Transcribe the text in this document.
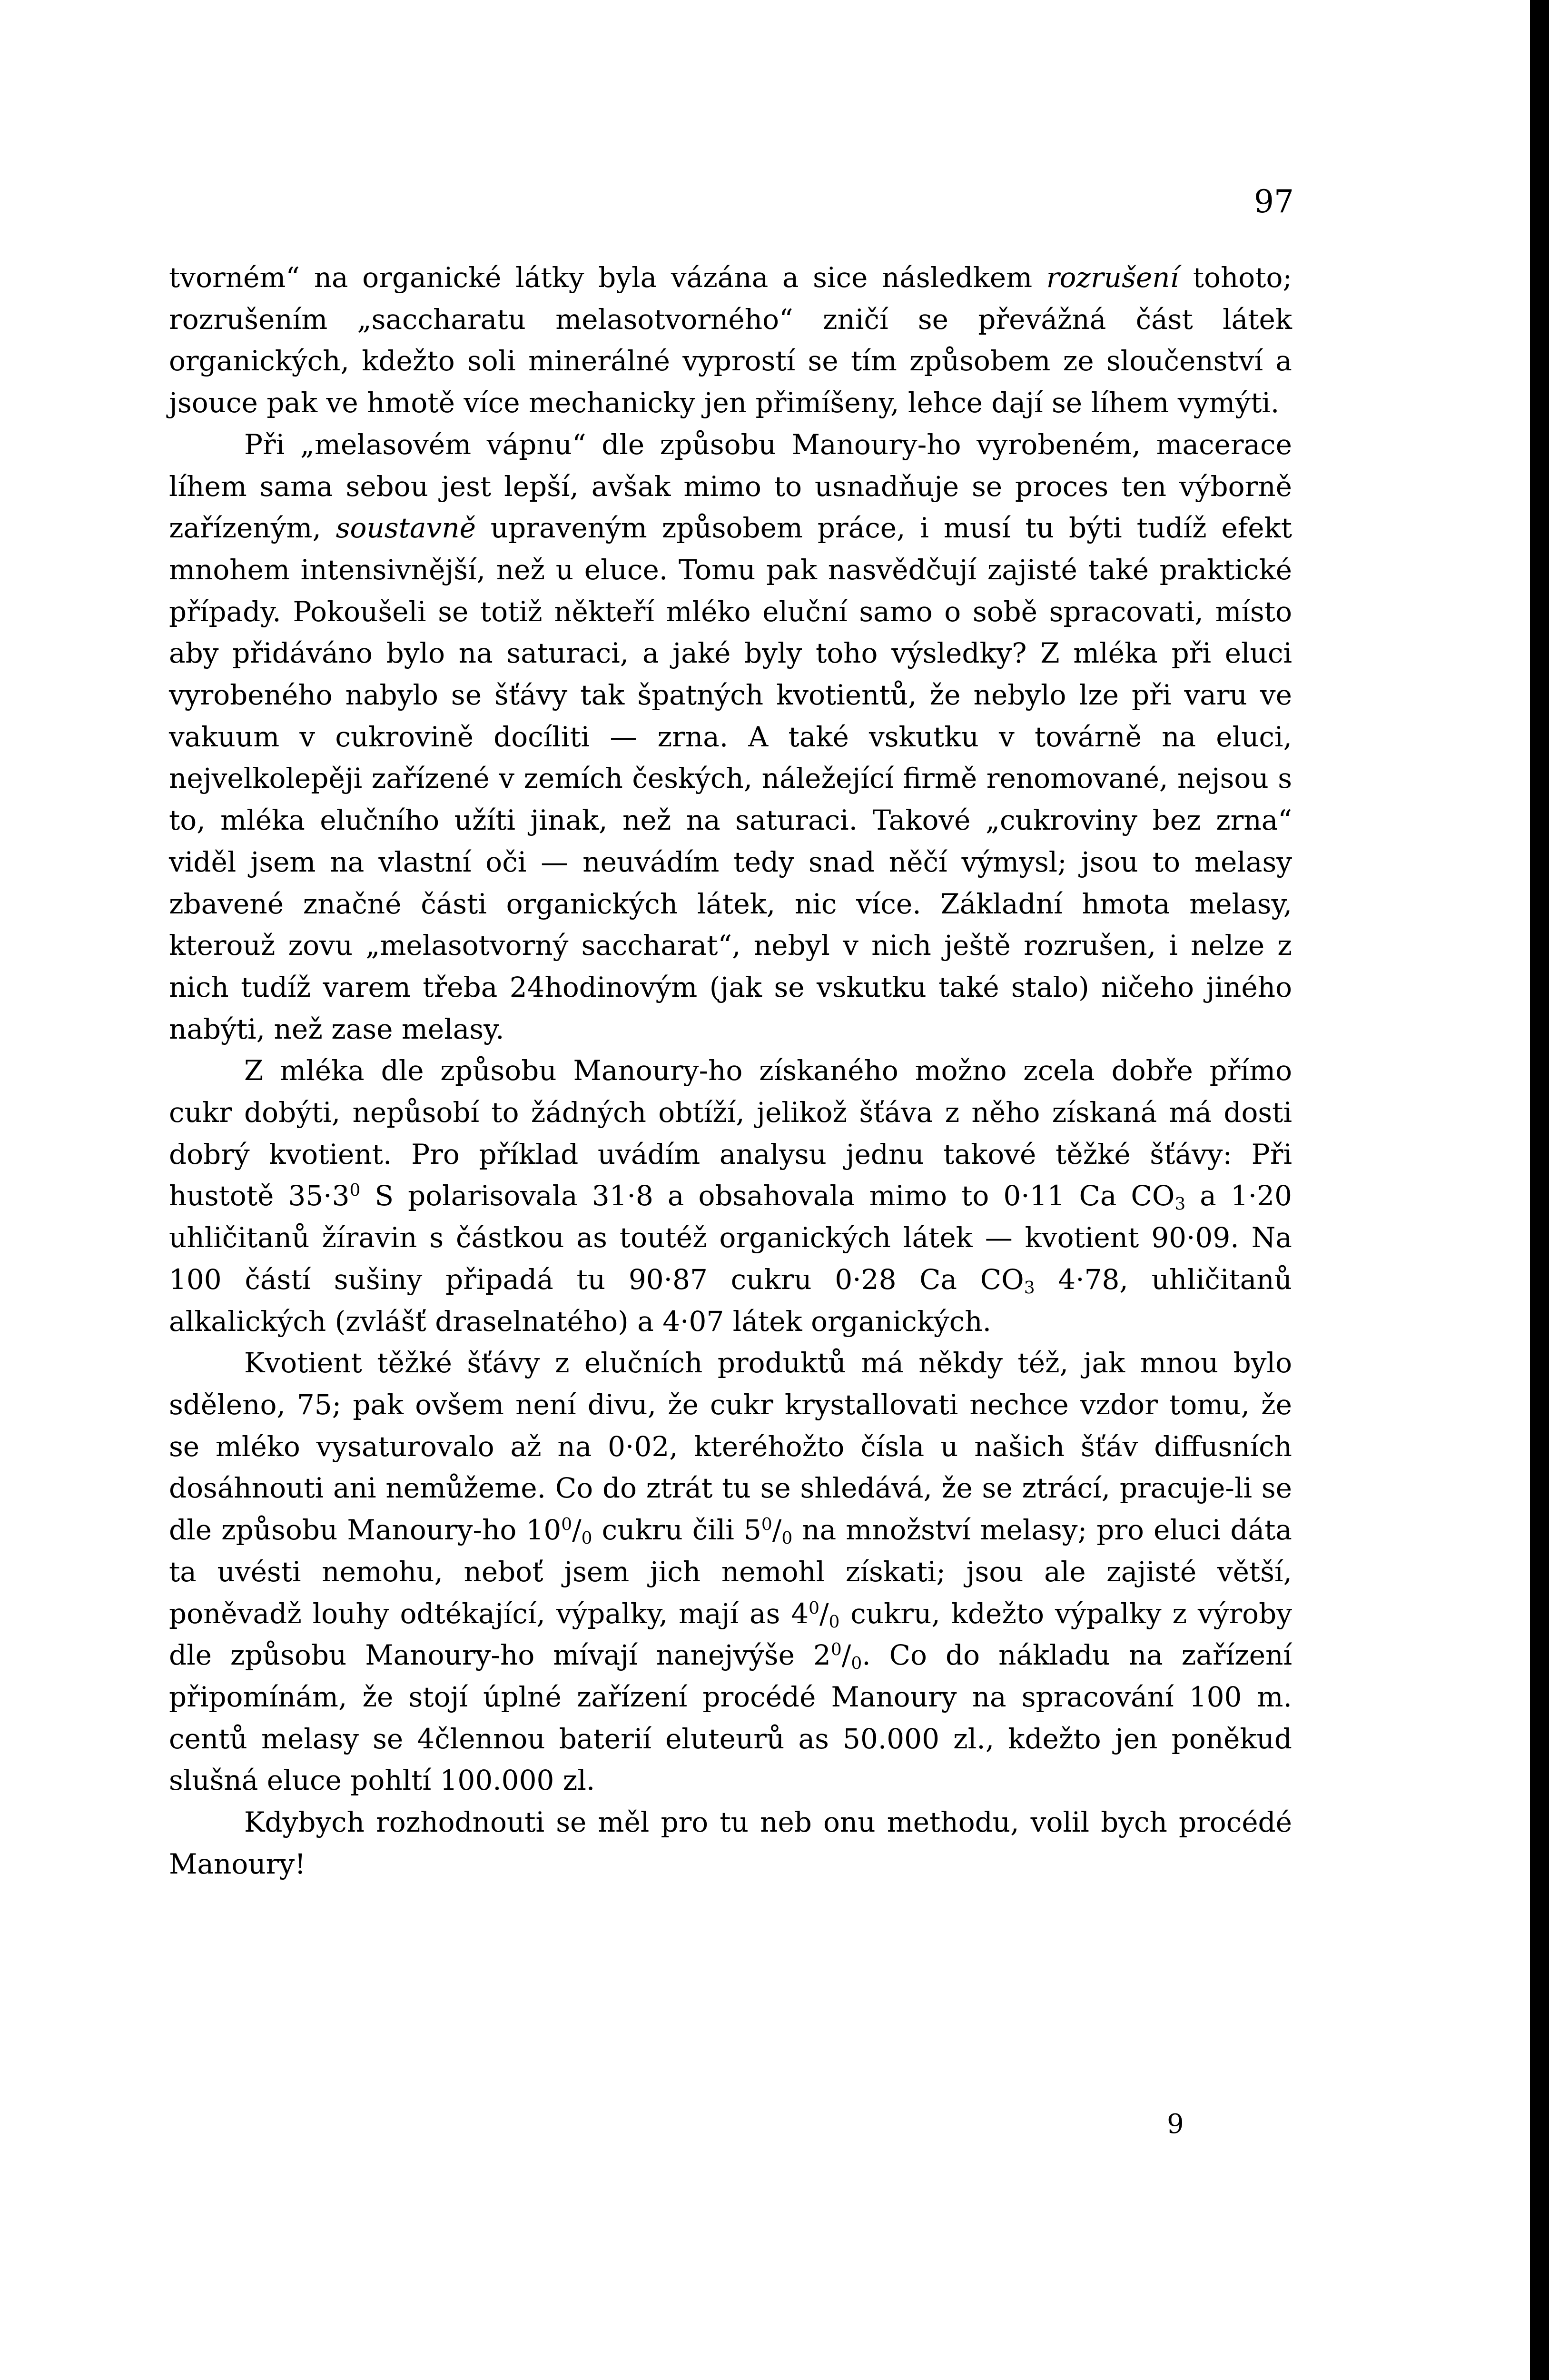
97

tvorném“ na organické látky byla vázána a sice následkem rozrušení tohoto; rozrušením „saccharatu melasotvorného“ zničí se převážná část látek organických, kdežto soli minerálné vyprostí se tím způsobem ze sloučenství a jsouce pak ve hmotě více mechanicky jen přimíšeny, lehce dají se líhem vymýti.

Při „melasovém vápnu“ dle způsobu Manoury-ho vyrobeném, macerace líhem sama sebou jest lepší, avšak mimo to usnadňuje se proces ten výborně zařízeným, soustavně upraveným způsobem práce, i musí tu býti tudíž efekt mnohem intensivnější, než u eluce. Tomu pak nasvědčují zajisté také praktické případy. Pokoušeli se totiž někteří mléko eluční samo o sobě spracovati, místo aby přidáváno bylo na saturaci, a jaké byly toho výsledky? Z mléka při eluci vyrobeného nabylo se šťávy tak špatných kvotientů, že nebylo lze při varu ve vakuum v cukrovině docíliti — zrna. A také vskutku v továrně na eluci, nejvelkolepěji zařízené v zemích českých, náležející firmě renomované, nejsou s to, mléka elučního užíti jinak, než na saturaci. Takové „cukroviny bez zrna“ viděl jsem na vlastní oči — neuvádím tedy snad něčí výmysl; jsou to melasy zbavené značné části organických látek, nic více. Základní hmota melasy, kterouž zovu „melasotvorný saccharat“, nebyl v nich ještě rozrušen, i nelze z nich tudíž varem třeba 24hodinovým (jak se vskutku také stalo) ničeho jiného nabýti, než zase melasy.

Z mléka dle způsobu Manoury-ho získaného možno zcela dobře přímo cukr dobýti, nepůsobí to žádných obtíží, jelikož šťáva z něho získaná má dosti dobrý kvotient. Pro příklad uvádím analysu jednu takové těžké šťávy: Při hustotě $35\cdot 3^0$ S polarisovala 31·8 a obsahovala mimo to 0·11 Ca $CO_3$ a 1·20 uhličitanů žíravin s částkou as toutéž organických látek — kvotient 90·09. Na 100 částí sušiny připadá tu 90·87 cukru 0·28 Ca $CO_3$ 4·78, uhličitanů alkalických (zvlášť draselnatého) a 4·07 látek organických.

Kvotient těžké šťávy z elučních produktů má někdy též, jak mnou bylo sděleno, 75; pak ovšem není divu, že cukr krystallovati nechce vzdor tomu, že se mléko vysaturovalo až na 0·02, kteréhožto čísla u našich šťáv diffusních dosáhnouti ani nemůžeme. Co do ztrát tu se shledává, že se ztrácí, pracuje-li se dle způsobu Manoury-ho $10^0/_0$ cukru čili $5^0/_0$ na množství melasy; pro eluci dáta ta uvésti nemohu, neboť jsem jich nemohl získati; jsou ale zajisté větší, poněvadž louhy odtékající, výpalky, mají as $4^0/_0$ cukru, kdežto výpalky z výroby dle způsobu Manoury-ho mívají nanejvýše $2^0/_0$. Co do nákladu na zařízení připomínám, že stojí úplné zařízení procédé Manoury na spracování 100 m. centů melasy se 4člennou baterií eluteurů as 50.000 zl., kdežto jen poněkud slušná eluce pohltí 100.000 zl.

Kdybych rozhodnouti se měl pro tu neb onu methodu, volil bych procédé Manoury!

9
